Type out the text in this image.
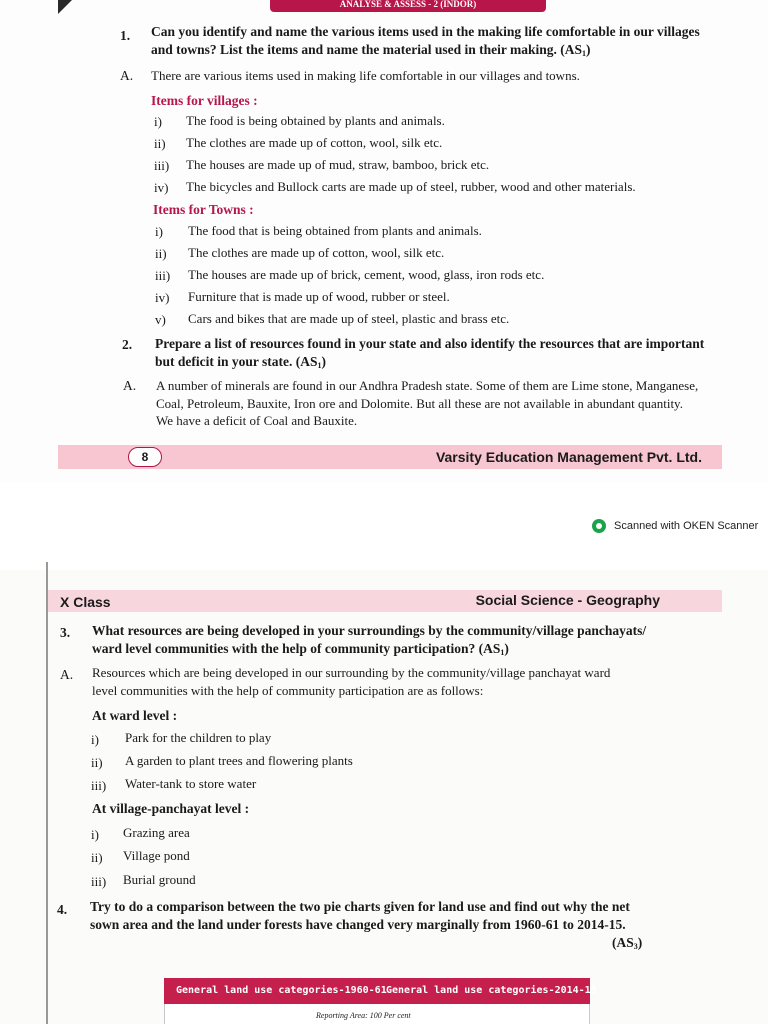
ANALYSE & ASSESS - 2 (INDOR)
1. Can you identify and name the various items used in the making life comfortable in our villages
and towns? List the items and name the material used in their making. $(AS_1)$
A. There are various items used in making life comfortable in our villages and towns.
Items for villages :
i) The food is being obtained by plants and animals.
ii) The clothes are made up of cotton, wool, silk etc.
iii) The houses are made up of mud, straw, bamboo, brick etc.
iv) The bicycles and Bullock carts are made up of steel, rubber, wood and other materials.
Items for Towns :
i) The food that is being obtained from plants and animals.
ii) The clothes are made up of cotton, wool, silk etc.
iii) The houses are made up of brick, cement, wood, glass, iron rods etc.
iv) Furniture that is made up of wood, rubber or steel.
v) Cars and bikes that are made up of steel, plastic and brass etc.
2. Prepare a list of resources found in your state and also identify the resources that are important
but deficit in your state. $(AS_1)$
A. A number of minerals are found in our Andhra Pradesh state. Some of them are Lime stone, Manganese,
Coal, Petroleum, Bauxite, Iron ore and Dolomite. But all these are not available in abundant quantity.
We have a deficit of Coal and Bauxite.
8	Varsity Education Management Pvt. Ltd.
Scanned with OKEN Scanner
X Class	Social Science - Geography
3. What resources are being developed in your surroundings by the community/village panchayats/
ward level communities with the help of community participation? $(AS_1)$
A. Resources which are being developed in our surrounding by the community/village panchayat ward
level communities with the help of community participation are as follows:
At ward level :
i) Park for the children to play
ii) A garden to plant trees and flowering plants
iii) Water-tank to store water
At village-panchayat level :
i) Grazing area
ii) Village pond
iii) Burial ground
4. Try to do a comparison between the two pie charts given for land use and find out why the net
sown area and the land under forests have changed very marginally from 1960-61 to 2014-15.
$(AS_3)$
General land use categories-1960-61 General land use categories-2014-15
Reporting Area: 100 Per cent
